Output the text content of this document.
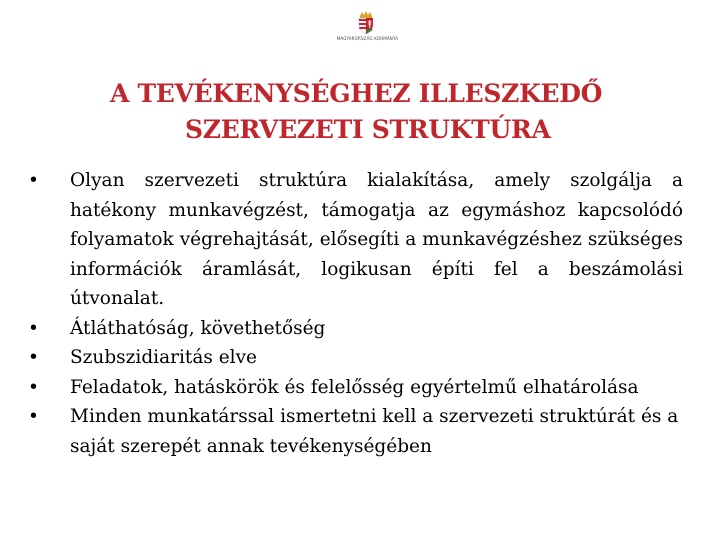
MAGYARORSZÁG KORMÁNYA
A TEVÉKENYSÉGHEZ ILLESZKEDŐ
SZERVEZETI STRUKTÚRA
•	Olyan szervezeti struktúra kialakítása, amely szolgálja a hatékony munkavégzést, támogatja az egymáshoz kapcsolódó folyamatok végrehajtását, elősegíti a munkavégzéshez szükséges információk áramlását, logikusan építi fel a beszámolási útvonalat.
•	Átláthatóság, követhetőség
•	Szubszidiaritás elve
•	Feladatok, hatáskörök és felelősség egyértelmű elhatárolása
•	Minden munkatárssal ismertetni kell a szervezeti struktúrát és a saját szerepét annak tevékenységében
